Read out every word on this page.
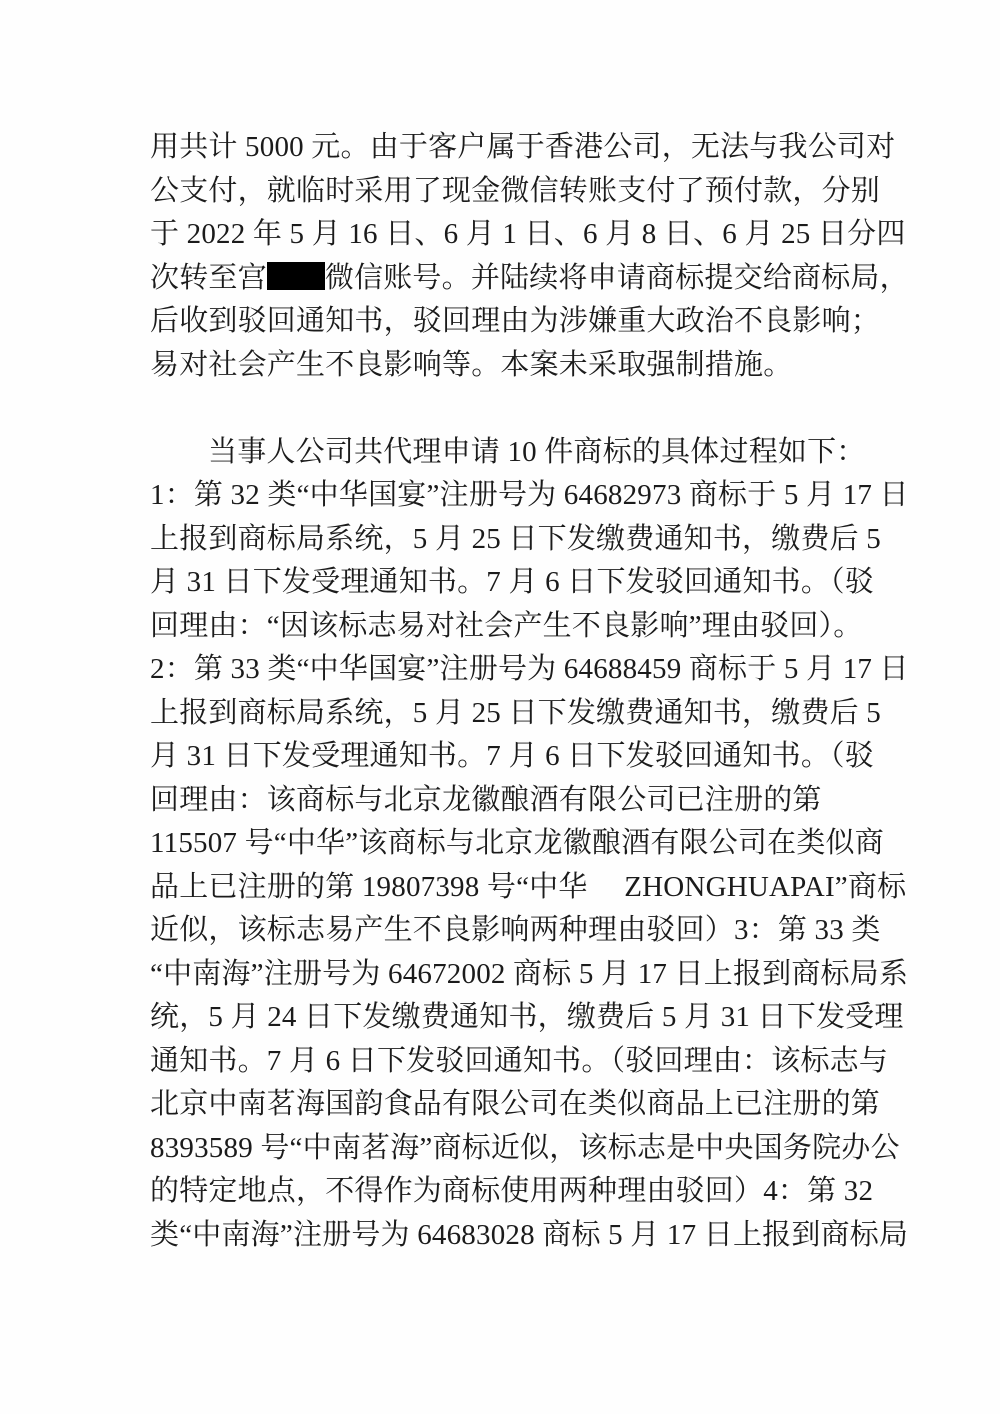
用共计 5000 元。由于客户属于香港公司，无法与我公司对
公支付，就临时采用了现金微信转账支付了预付款，分别
于 2022 年 5 月 16 日、6 月 1 日、6 月 8 日、6 月 25 日分四
次转至宫 微信账号。并陆续将申请商标提交给商标局，
后收到驳回通知书，驳回理由为涉嫌重大政治不良影响；
易对社会产生不良影响等。本案未采取强制措施。
当事人公司共代理申请 10 件商标的具体过程如下：
1：第 32 类“中华国宴”注册号为 64682973 商标于 5 月 17 日
上报到商标局系统，5 月 25 日下发缴费通知书，缴费后 5
月 31 日下发受理通知书。7 月 6 日下发驳回通知书。（驳
回理由：“因该标志易对社会产生不良影响”理由驳回）。
2：第 33 类“中华国宴”注册号为 64688459 商标于 5 月 17 日
上报到商标局系统，5 月 25 日下发缴费通知书，缴费后 5
月 31 日下发受理通知书。7 月 6 日下发驳回通知书。（驳
回理由：该商标与北京龙徽酿酒有限公司已注册的第
115507 号“中华”该商标与北京龙徽酿酒有限公司在类似商
品上已注册的第 19807398 号“中华　 ZHONGHUAPAI”商标
近似，该标志易产生不良影响两种理由驳回）3：第 33 类
“中南海”注册号为 64672002 商标 5 月 17 日上报到商标局系
统，5 月 24 日下发缴费通知书，缴费后 5 月 31 日下发受理
通知书。7 月 6 日下发驳回通知书。（驳回理由：该标志与
北京中南茗海国韵食品有限公司在类似商品上已注册的第
8393589 号“中南茗海”商标近似，该标志是中央国务院办公
的特定地点，不得作为商标使用两种理由驳回）4：第 32
类“中南海”注册号为 64683028 商标 5 月 17 日上报到商标局
